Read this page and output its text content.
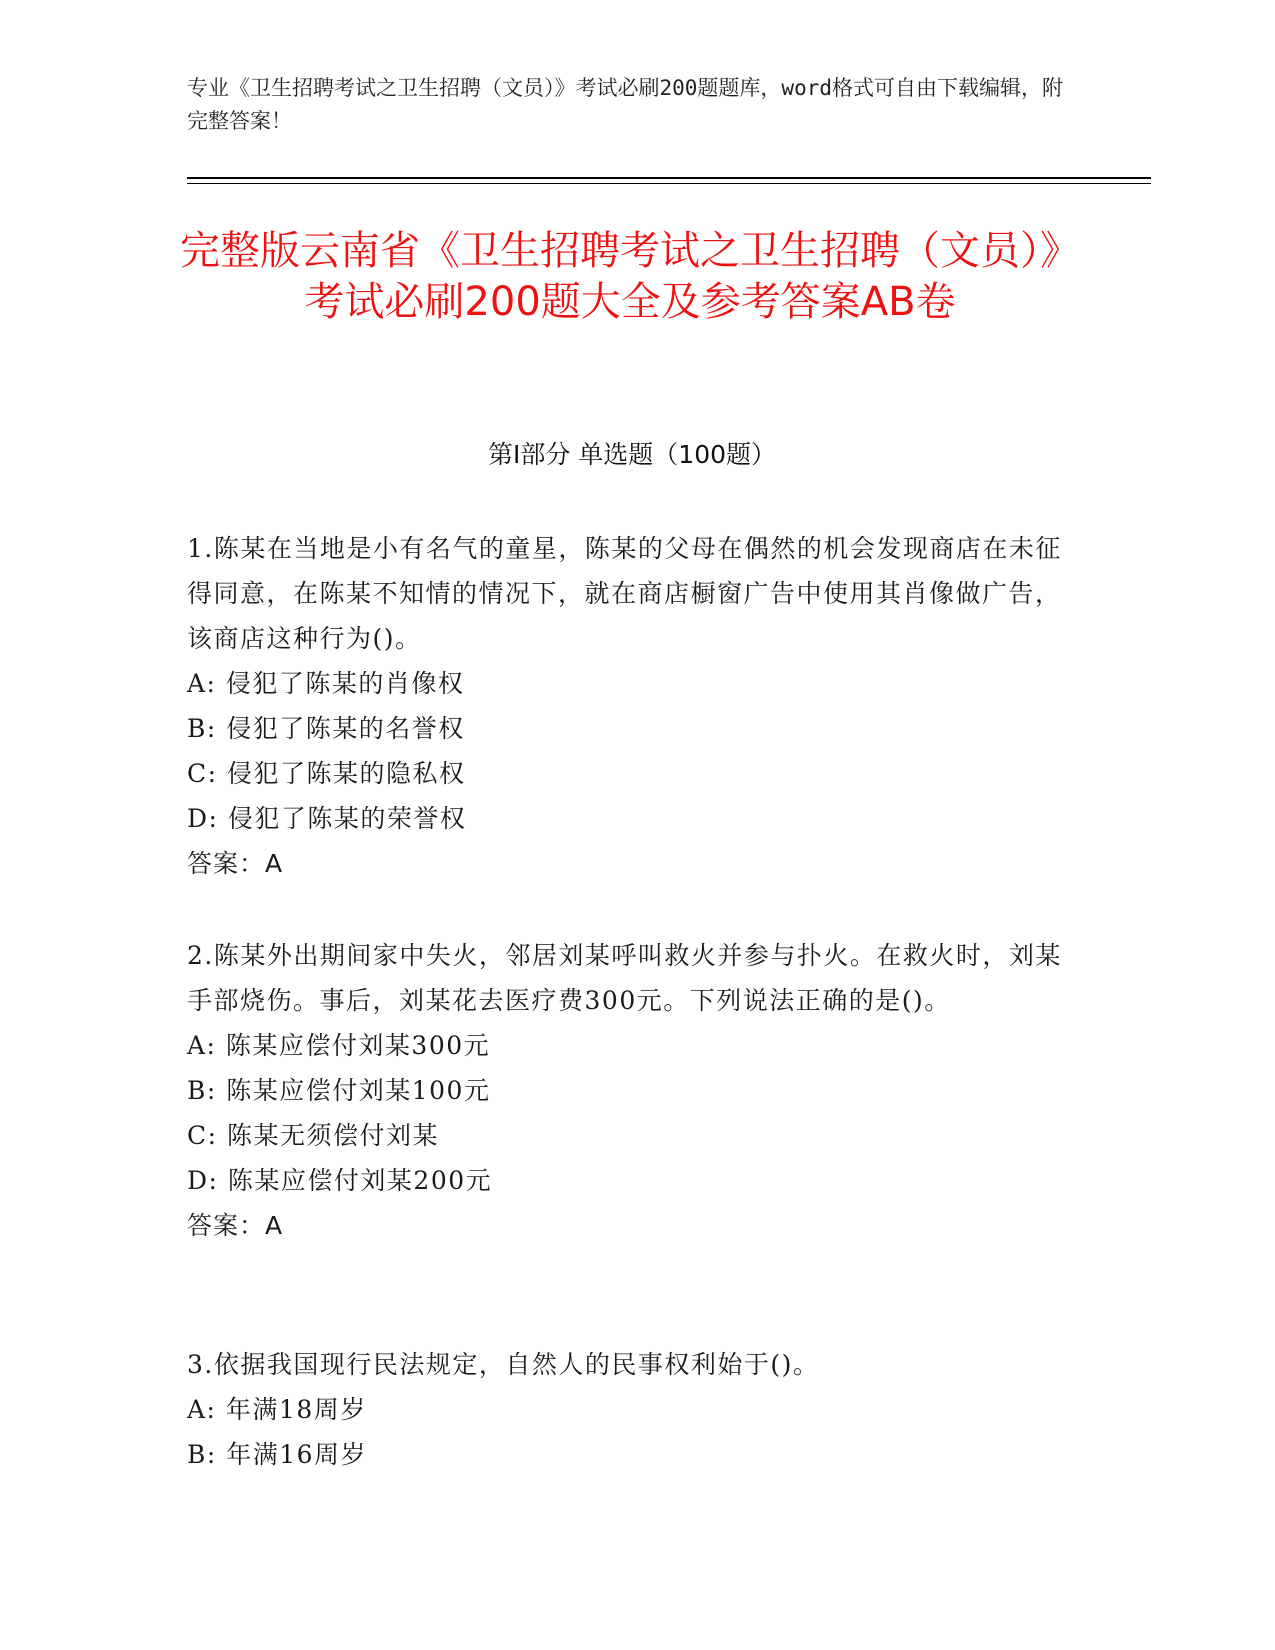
专业《卫生招聘考试之卫生招聘（文员）》考试必刷200题题库，word格式可自由下载编辑，附完整答案！
完整版云南省《卫生招聘考试之卫生招聘（文员）》考试必刷200题大全及参考答案AB卷
第Ⅰ部分 单选题（100题）
1.陈某在当地是小有名气的童星，陈某的父母在偶然的机会发现商店在未征得同意，在陈某不知情的情况下，就在商店橱窗广告中使用其肖像做广告，该商店这种行为()。
A: 侵犯了陈某的肖像权
B: 侵犯了陈某的名誉权
C: 侵犯了陈某的隐私权
D: 侵犯了陈某的荣誉权
答案：A
2.陈某外出期间家中失火，邻居刘某呼叫救火并参与扑火。在救火时，刘某手部烧伤。事后，刘某花去医疗费300元。下列说法正确的是()。
A: 陈某应偿付刘某300元
B: 陈某应偿付刘某100元
C: 陈某无须偿付刘某
D: 陈某应偿付刘某200元
答案：A
3.依据我国现行民法规定，自然人的民事权利始于()。
A: 年满18周岁
B: 年满16周岁
